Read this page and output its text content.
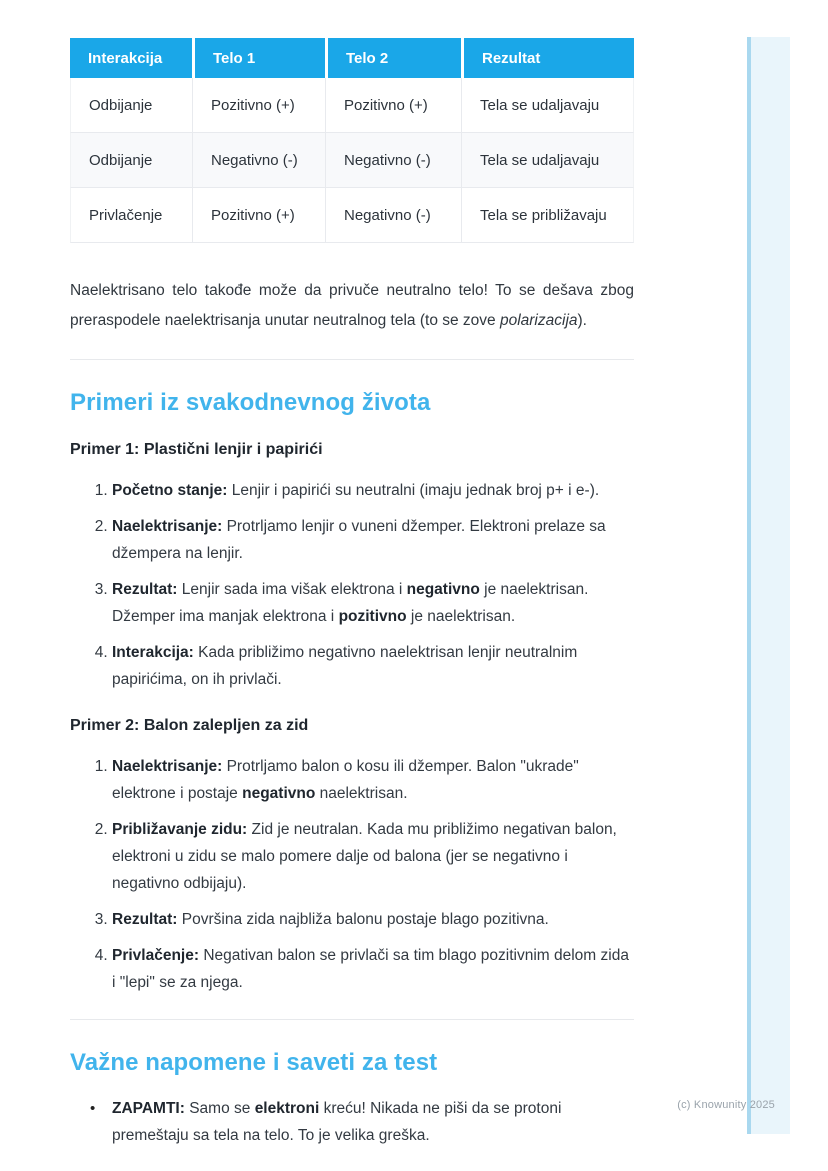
(c) Knowunity 2025
Interakcija	Telo 1	Telo 2	Rezultat
Odbijanje	Pozitivno (+)	Pozitivno (+)	Tela se udaljavaju
Odbijanje	Negativno (-)	Negativno (-)	Tela se udaljavaju
Privlačenje	Pozitivno (+)	Negativno (-)	Tela se približavaju

Naelektrisano telo takođe može da privuče neutralno telo! To se dešava zbog preraspodele naelektrisanja unutar neutralnog tela (to se zove polarizacija).

Primeri iz svakodnevnog života
Primer 1: Plastični lenjir i papirići
1. Početno stanje: Lenjir i papirići su neutralni (imaju jednak broj p+ i e-).
2. Naelektrisanje: Protrljamo lenjir o vuneni džemper. Elektroni prelaze sa džempera na lenjir.
3. Rezultat: Lenjir sada ima višak elektrona i negativno je naelektrisan. Džemper ima manjak elektrona i pozitivno je naelektrisan.
4. Interakcija: Kada približimo negativno naelektrisan lenjir neutralnim papirićima, on ih privlači.
Primer 2: Balon zalepljen za zid
1. Naelektrisanje: Protrljamo balon o kosu ili džemper. Balon "ukrade" elektrone i postaje negativno naelektrisan.
2. Približavanje zidu: Zid je neutralan. Kada mu približimo negativan balon, elektroni u zidu se malo pomere dalje od balona (jer se negativno i negativno odbijaju).
3. Rezultat: Površina zida najbliža balonu postaje blago pozitivna.
4. Privlačenje: Negativan balon se privlači sa tim blago pozitivnim delom zida i "lepi" se za njega.
Važne napomene i saveti za test
• ZAPAMTI: Samo se elektroni kreću! Nikada ne piši da se protoni premeštaju sa tela na telo. To je velika greška.
